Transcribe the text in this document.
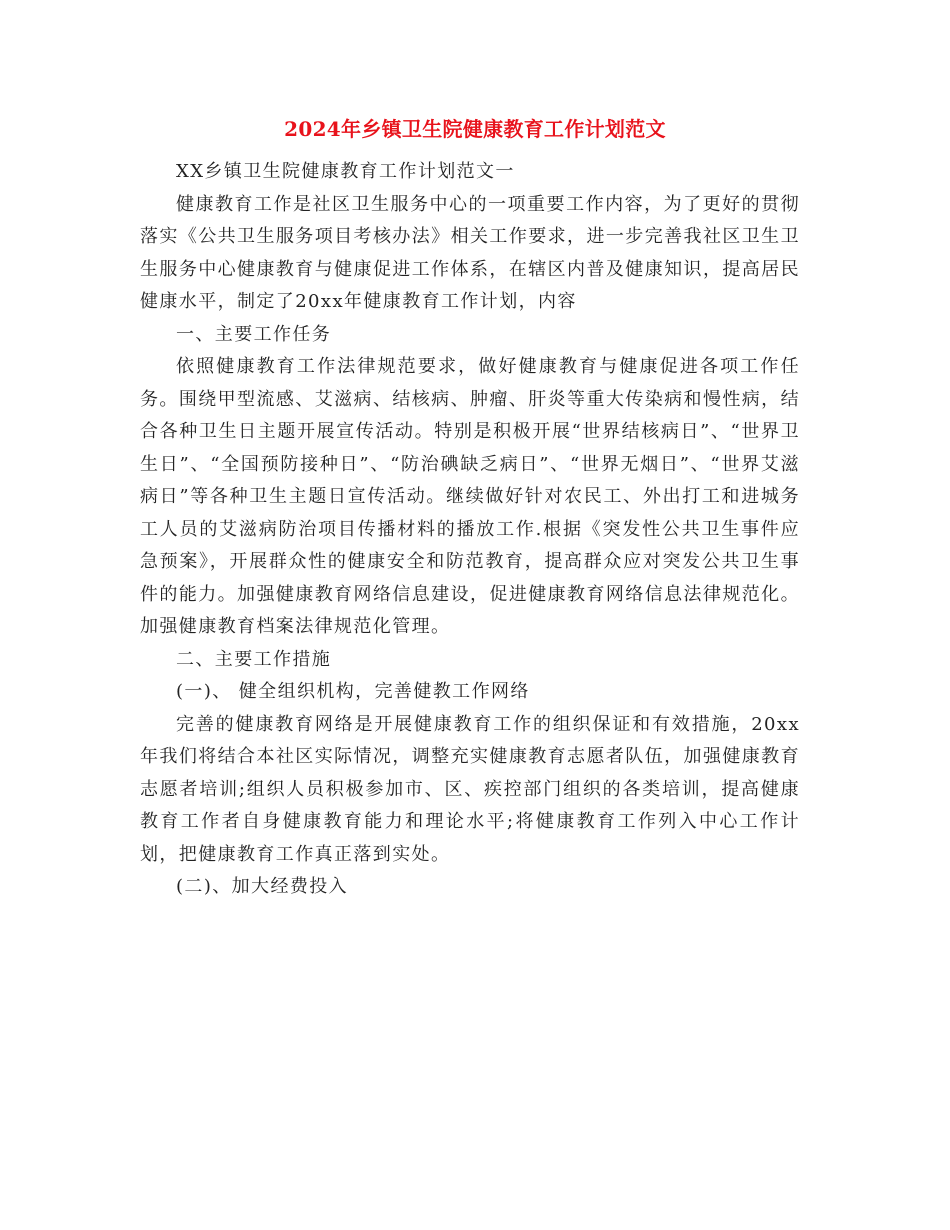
2024年乡镇卫生院健康教育工作计划范文

XX乡镇卫生院健康教育工作计划范文一

健康教育工作是社区卫生服务中心的一项重要工作内容，为了更好的贯彻落实《公共卫生服务项目考核办法》相关工作要求，进一步完善我社区卫生卫生服务中心健康教育与健康促进工作体系，在辖区内普及健康知识，提高居民健康水平，制定了20xx年健康教育工作计划，内容

一、主要工作任务

依照健康教育工作法律规范要求，做好健康教育与健康促进各项工作任务。围绕甲型流感、艾滋病、结核病、肿瘤、肝炎等重大传染病和慢性病，结合各种卫生日主题开展宣传活动。特别是积极开展“世界结核病日”、“世界卫生日”、“全国预防接种日”、“防治碘缺乏病日”、“世界无烟日”、“世界艾滋病日”等各种卫生主题日宣传活动。继续做好针对农民工、外出打工和进城务工人员的艾滋病防治项目传播材料的播放工作.根据《突发性公共卫生事件应急预案》，开展群众性的健康安全和防范教育，提高群众应对突发公共卫生事件的能力。加强健康教育网络信息建设，促进健康教育网络信息法律规范化。加强健康教育档案法律规范化管理。

二、主要工作措施

(一)、 健全组织机构，完善健教工作网络

完善的健康教育网络是开展健康教育工作的组织保证和有效措施，20xx年我们将结合本社区实际情况，调整充实健康教育志愿者队伍，加强健康教育志愿者培训;组织人员积极参加市、区、疾控部门组织的各类培训，提高健康教育工作者自身健康教育能力和理论水平;将健康教育工作列入中心工作计划，把健康教育工作真正落到实处。

(二)、加大经费投入
